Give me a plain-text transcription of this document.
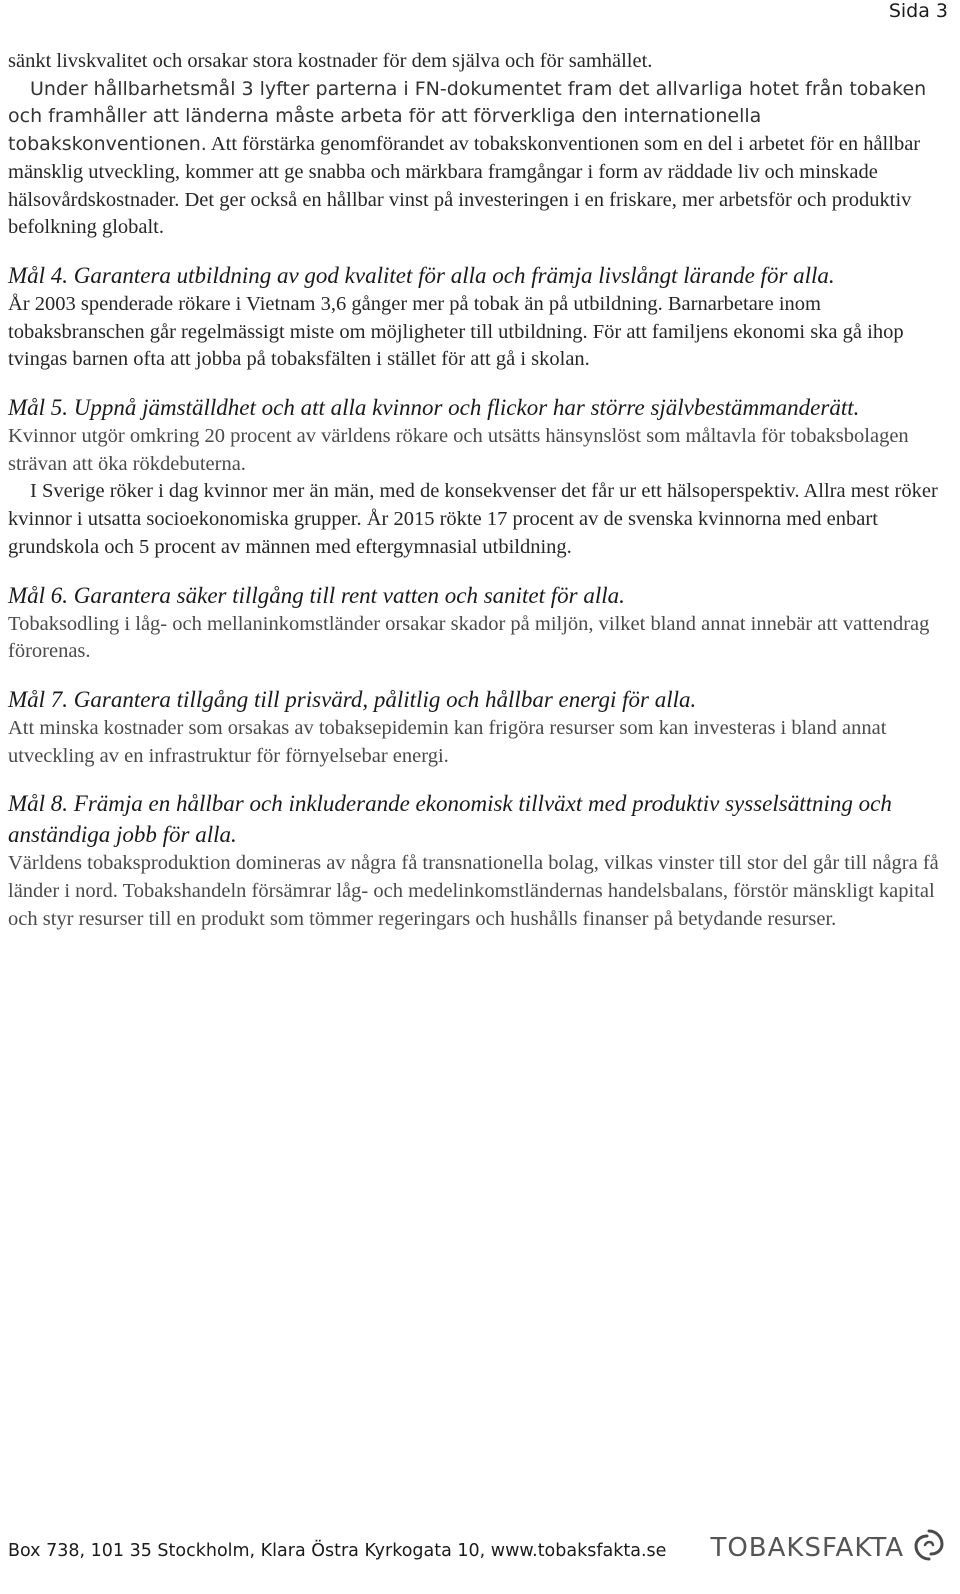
Sida 3

sänkt livskvalitet och orsakar stora kostnader för dem själva och för samhället.

Under hållbarhetsmål 3 lyfter parterna i FN-dokumentet fram det allvarliga hotet från tobaken och framhåller att länderna måste arbeta för att förverkliga den internationella tobakskonventionen. Att förstärka genomförandet av tobakskonventionen som en del i arbetet för en hållbar mänsklig utveckling, kommer att ge snabba och märkbara framgångar i form av räddade liv och minskade hälsovårdskostnader. Det ger också en hållbar vinst på investeringen i en friskare, mer arbetsför och produktiv befolkning globalt.

Mål 4. Garantera utbildning av god kvalitet för alla och främja livslångt lärande för alla.

År 2003 spenderade rökare i Vietnam 3,6 gånger mer på tobak än på utbildning. Barnarbetare inom tobaksbranschen går regelmässigt miste om möjligheter till utbildning. För att familjens ekonomi ska gå ihop tvingas barnen ofta att jobba på tobaksfälten i stället för att gå i skolan.

Mål 5. Uppnå jämställdhet och att alla kvinnor och flickor har större självbestämmanderätt.

Kvinnor utgör omkring 20 procent av världens rökare och utsätts hänsynslöst som måltavla för tobaksbolagen strävan att öka rökdebuterna.

I Sverige röker i dag kvinnor mer än män, med de konsekvenser det får ur ett hälsoperspektiv. Allra mest röker kvinnor i utsatta socioekonomiska grupper. År 2015 rökte 17 procent av de svenska kvinnorna med enbart grundskola och 5 procent av männen med eftergymnasial utbildning.

Mål 6. Garantera säker tillgång till rent vatten och sanitet för alla.

Tobaksodling i låg- och mellaninkomstländer orsakar skador på miljön, vilket bland annat innebär att vattendrag förorenas.

Mål 7. Garantera tillgång till prisvärd, pålitlig och hållbar energi för alla.

Att minska kostnader som orsakas av tobaksepidemin kan frigöra resurser som kan investeras i bland annat utveckling av en infrastruktur för förnyelsebar energi.

Mål 8. Främja en hållbar och inkluderande ekonomisk tillväxt med produktiv sysselsättning och anständiga jobb för alla.

Världens tobaksproduktion domineras av några få transnationella bolag, vilkas vinster till stor del går till några få länder i nord. Tobakshandeln försämrar låg- och medelinkomstländernas handelsbalans, förstör mänskligt kapital och styr resurser till en produkt som tömmer regeringars och hushålls finanser på betydande resurser.

Box 738, 101 35 Stockholm, Klara Östra Kyrkogata 10, www.tobaksfakta.se TOBAKSFAKTA
